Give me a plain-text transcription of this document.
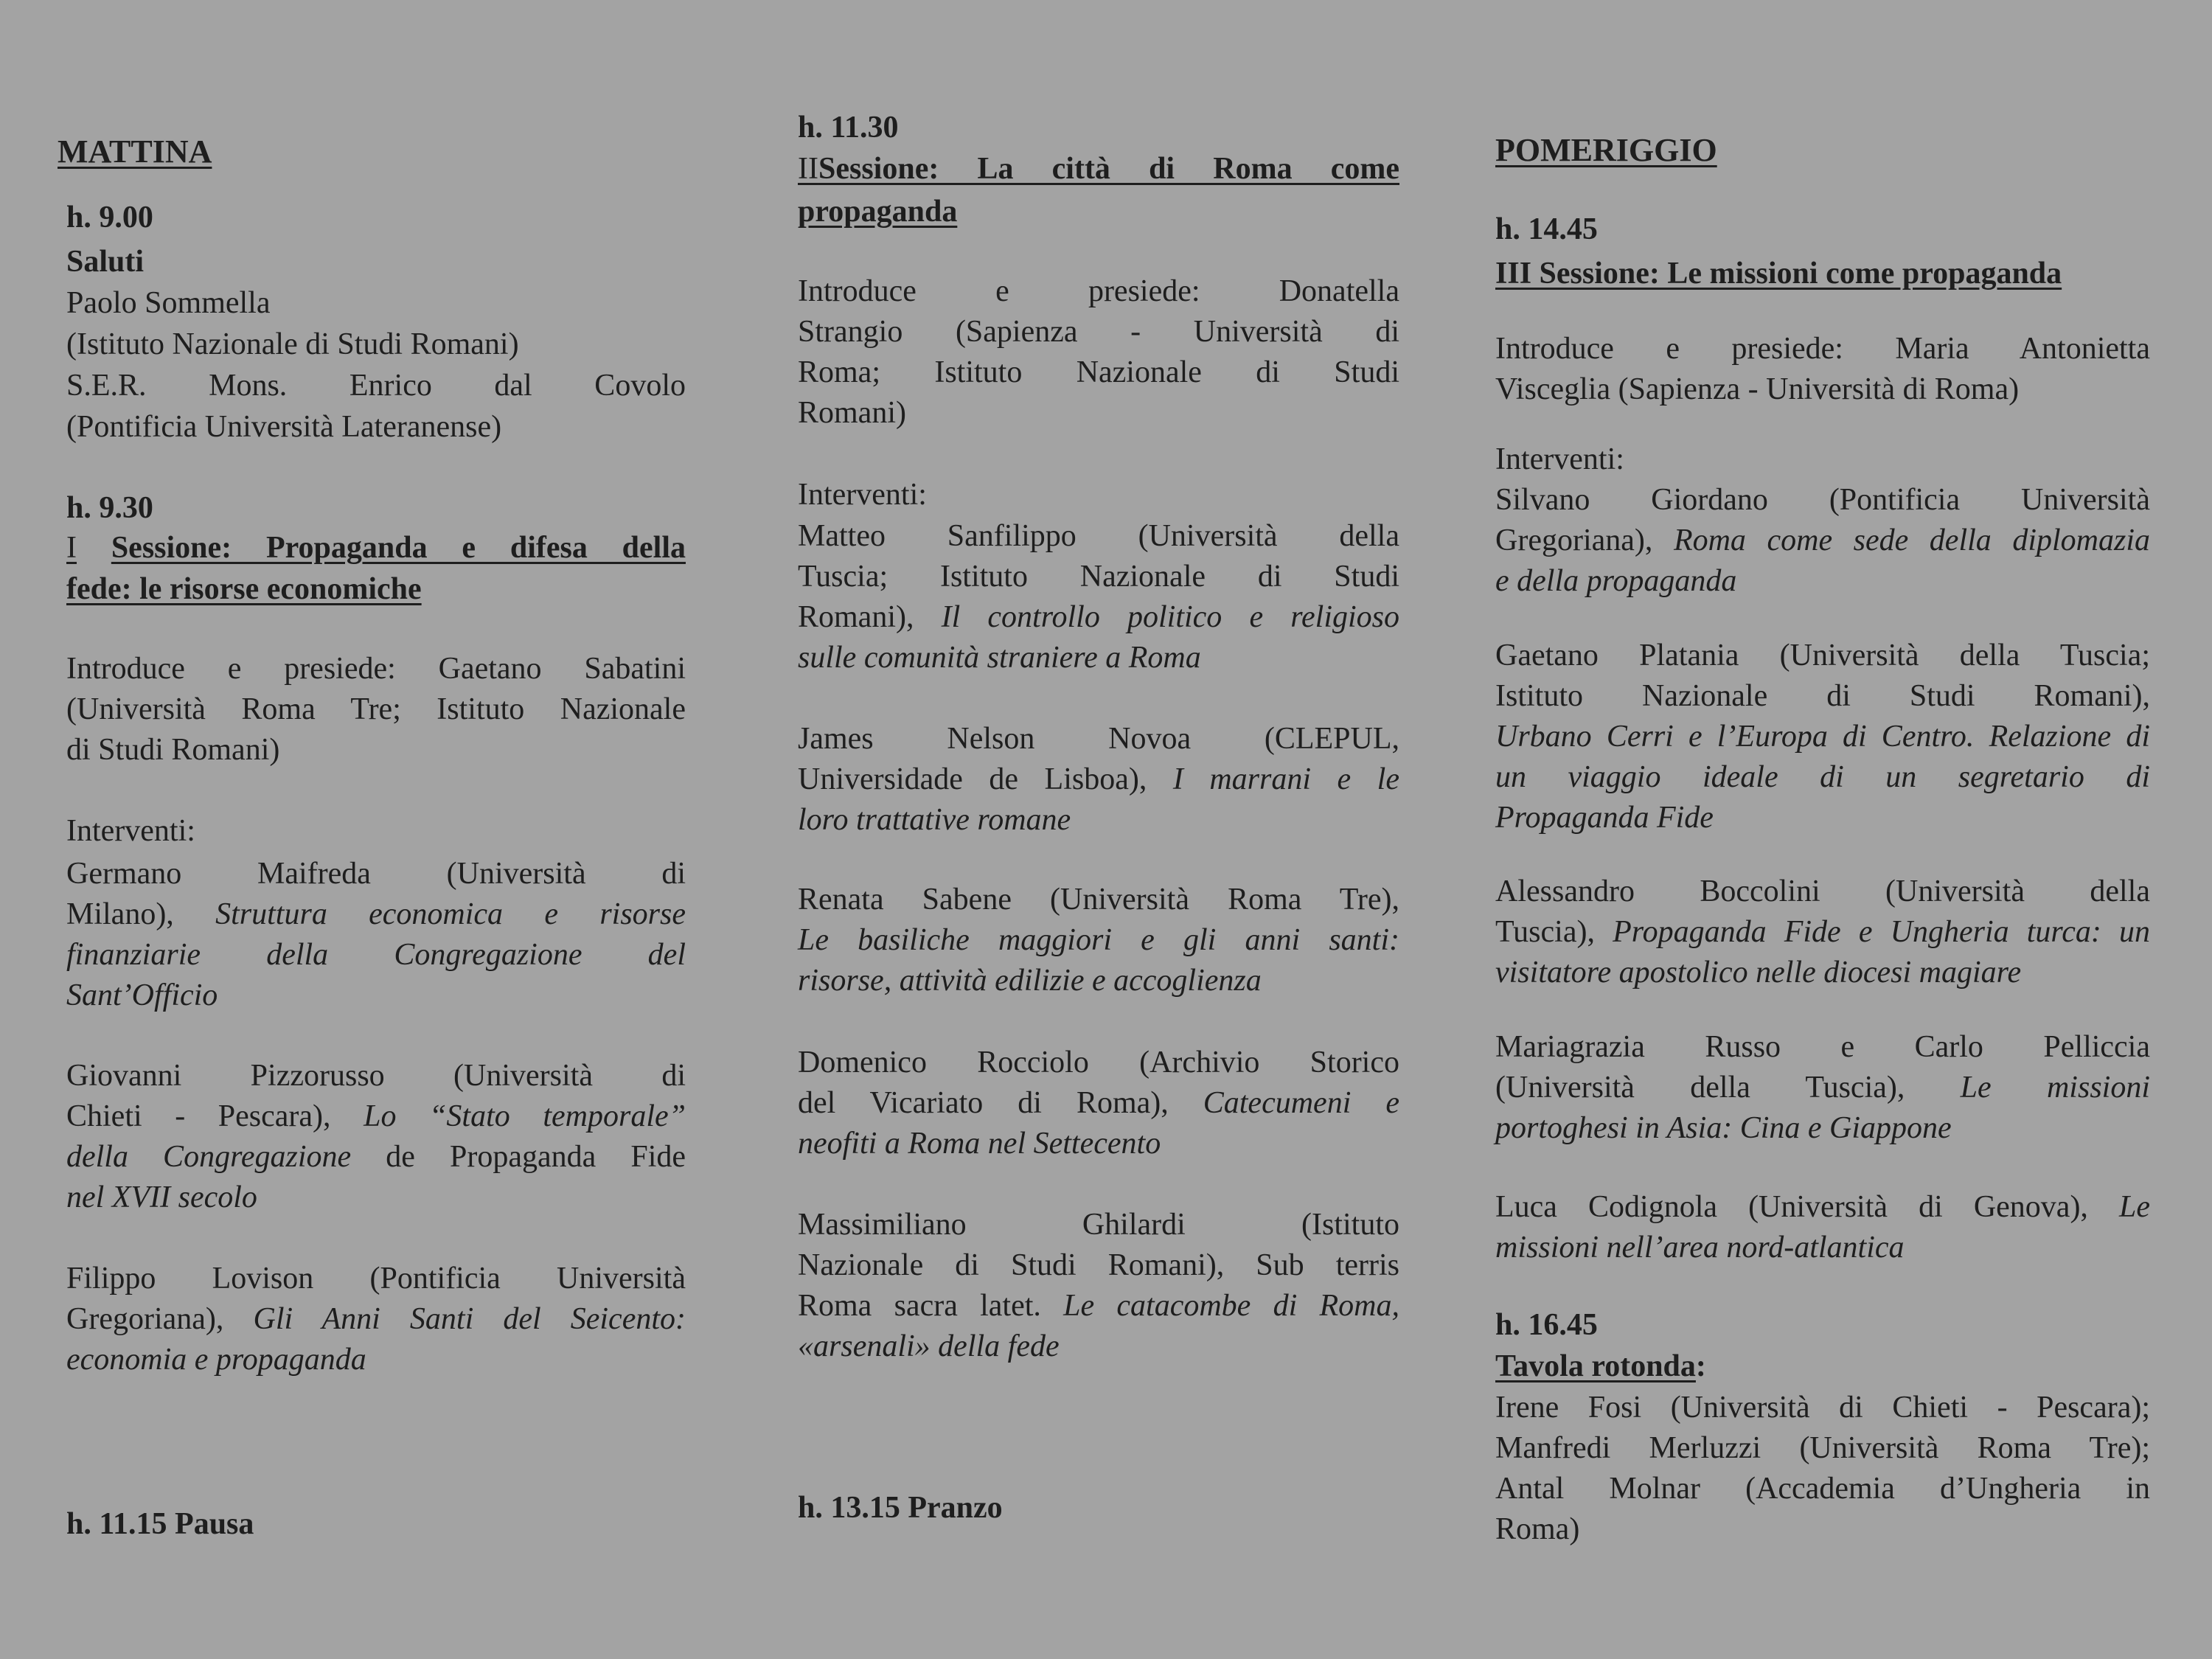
MATTINA

h. 9.00

Saluti

Paolo Sommella

(Istituto Nazionale di Studi Romani)

S.E.R. Mons. Enrico dal Covolo

(Pontificia Università Lateranense)

h. 9.30

I Sessione: Propaganda e difesa della

fede: le risorse economiche

Introduce e presiede: Gaetano Sabatini

(Università Roma Tre; Istituto Nazionale

di Studi Romani)

Interventi:

Germano Maifreda (Università di

Milano), Struttura economica e risorse

finanziarie della Congregazione del

Sant’Officio

Giovanni Pizzorusso (Università di

Chieti - Pescara), Lo “Stato temporale”

della Congregazione de Propaganda Fide

nel XVII secolo

Filippo Lovison (Pontificia Università

Gregoriana), Gli Anni Santi del Seicento:

economia e propaganda

h. 11.15 Pausa

h. 11.30

IISessione: La città di Roma come

propaganda

Introduce e presiede: Donatella

Strangio (Sapienza - Università di

Roma; Istituto Nazionale di Studi

Romani)

Interventi:

Matteo Sanfilippo (Università della

Tuscia; Istituto Nazionale di Studi

Romani), Il controllo politico e religioso

sulle comunità straniere a Roma

James Nelson Novoa (CLEPUL,

Universidade de Lisboa), I marrani e le

loro trattative romane

Renata Sabene (Università Roma Tre),

Le basiliche maggiori e gli anni santi:

risorse, attività edilizie e accoglienza

Domenico Rocciolo (Archivio Storico

del Vicariato di Roma), Catecumeni e

neofiti a Roma nel Settecento

Massimiliano Ghilardi (Istituto

Nazionale di Studi Romani), Sub terris

Roma sacra latet. Le catacombe di Roma,

«arsenali» della fede

h. 13.15 Pranzo

POMERIGGIO

h. 14.45

III Sessione: Le missioni come propaganda

Introduce e presiede: Maria Antonietta

Visceglia (Sapienza - Università di Roma)

Interventi:

Silvano Giordano (Pontificia Università

Gregoriana), Roma come sede della diplomazia

e della propaganda

Gaetano Platania (Università della Tuscia;

Istituto Nazionale di Studi Romani),

Urbano Cerri e l’Europa di Centro. Relazione di

un viaggio ideale di un segretario di

Propaganda Fide

Alessandro Boccolini (Università della

Tuscia), Propaganda Fide e Ungheria turca: un

visitatore apostolico nelle diocesi magiare

Mariagrazia Russo e Carlo Pelliccia

(Università della Tuscia), Le missioni

portoghesi in Asia: Cina e Giappone

Luca Codignola (Università di Genova), Le

missioni nell’area nord-atlantica

h. 16.45

Tavola rotonda:

Irene Fosi (Università di Chieti - Pescara);

Manfredi Merluzzi (Università Roma Tre);

Antal Molnar (Accademia d’Ungheria in

Roma)
